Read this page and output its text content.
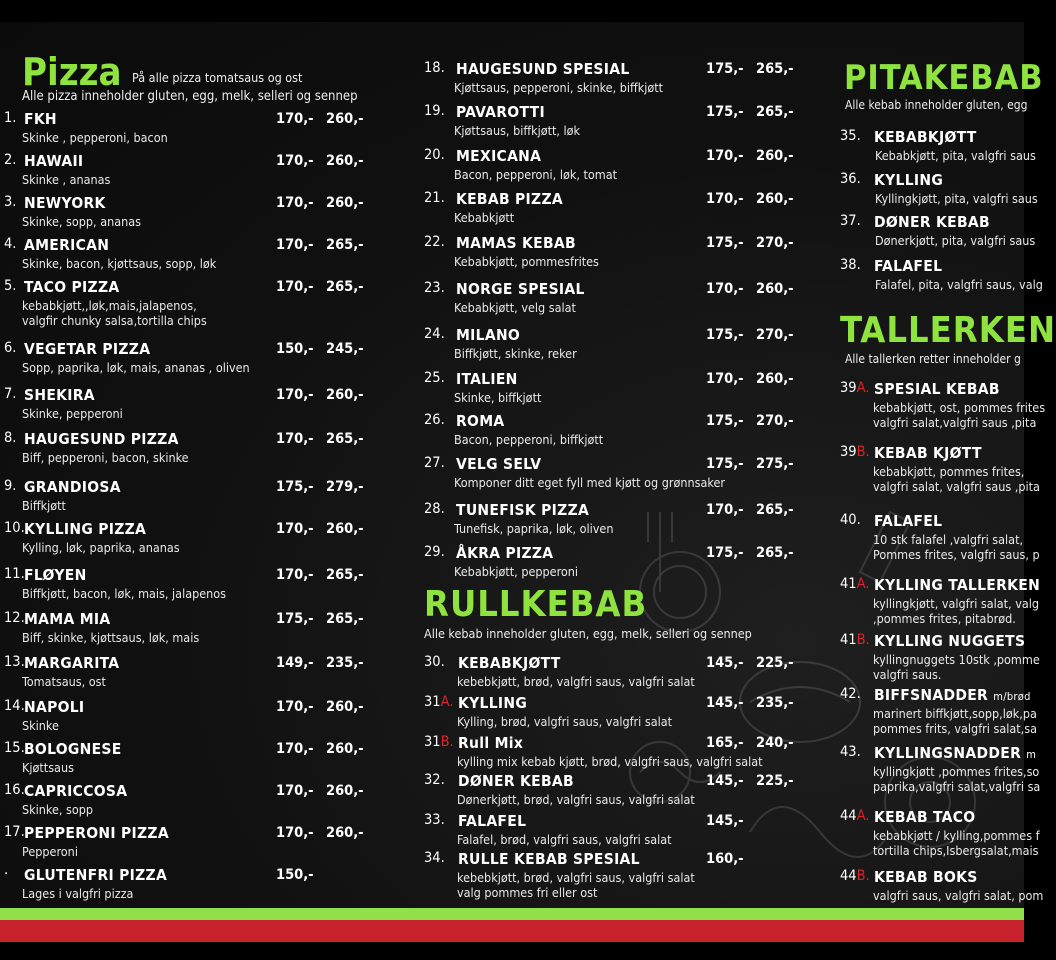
Pizza På alle pizza tomatsaus og ost
Alle pizza inneholder gluten, egg, melk, selleri og sennep
1. FKH
Skinke , pepperoni, bacon
170,- 260,-
2. HAWAII
Skinke , ananas
170,- 260,-
3. NEWYORK
Skinke, sopp, ananas
170,- 260,-
4. AMERICAN
Skinke, bacon, kjøttsaus, sopp, løk
170,- 265,-
5. TACO PIZZA
kebabkjøtt,,løk,mais,jalapenos,
valgfir chunky salsa,tortilla chips
170,- 265,-
6. VEGETAR PIZZA
Sopp, paprika, løk, mais, ananas , oliven
150,- 245,-
7. SHEKIRA
Skinke, pepperoni
170,- 260,-
8. HAUGESUND PIZZA
Biff, pepperoni, bacon, skinke
170,- 265,-
9. GRANDIOSA
Biffkjøtt
175,- 279,-
10. KYLLING PIZZA
Kylling, løk, paprika, ananas
170,- 260,-
11. FLØYEN
Biffkjøtt, bacon, løk, mais, jalapenos
170,- 265,-
12. MAMA MIA
Biff, skinke, kjøttsaus, løk, mais
175,- 265,-
13. MARGARITA
Tomatsaus, ost
149,- 235,-
14. NAPOLI
Skinke
170,- 260,-
15. BOLOGNESE
Kjøttsaus
170,- 260,-
16. CAPRICCOSA
Skinke, sopp
170,- 260,-
17. PEPPERONI PIZZA
Pepperoni
170,- 260,-
· GLUTENFRI PIZZA
Lages i valgfri pizza
150,-
18. HAUGESUND SPESIAL
Kjøttsaus, pepperoni, skinke, biffkjøtt
175,- 265,-
19. PAVAROTTI
Kjøttsaus, biffkjøtt, løk
175,- 265,-
20. MEXICANA
Bacon, pepperoni, løk, tomat
170,- 260,-
21. KEBAB PIZZA
Kebabkjøtt
170,- 260,-
22. MAMAS KEBAB
Kebabkjøtt, pommesfrites
175,- 270,-
23. NORGE SPESIAL
Kebabkjøtt, velg salat
170,- 260,-
24. MILANO
Biffkjøtt, skinke, reker
175,- 270,-
25. ITALIEN
Skinke, biffkjøtt
170,- 260,-
26. ROMA
Bacon, pepperoni, biffkjøtt
175,- 270,-
27. VELG SELV
Komponer ditt eget fyll med kjøtt og grønnsaker
175,- 275,-
28. TUNEFISK PIZZA
Tunefisk, paprika, løk, oliven
170,- 265,-
29. ÅKRA PIZZA
Kebabkjøtt, pepperoni
175,- 265,-
RULLKEBAB
Alle kebab inneholder gluten, egg, melk, selleri og sennep
30. KEBABKJØTT
kebebkjøtt, brød, valgfri saus, valgfri salat
145,- 225,-
31A. KYLLING
Kylling, brød, valgfri saus, valgfri salat
145,- 235,-
31B. Rull Mix
kylling mix kebab kjøtt, brød, valgfri saus, valgfri salat
165,- 240,-
32. DØNER KEBAB
Dønerkjøtt, brød, valgfri saus, valgfri salat
145,- 225,-
33. FALAFEL
Falafel, brød, valgfri saus, valgfri salat
145,-
34. RULLE KEBAB SPESIAL
kebebkjøtt, brød, valgfri saus, valgfri salat
valg pommes fri eller ost
160,-
PITAKEBAB
Alle kebab inneholder gluten, egg
35. KEBABKJØTT
Kebabkjøtt, pita, valgfri saus
36. KYLLING
Kyllingkjøtt, pita, valgfri saus
37. DØNER KEBAB
Dønerkjøtt, pita, valgfri saus
38. FALAFEL
Falafel, pita, valgfri saus, valg
TALLERKEN
Alle tallerken retter inneholder g
39A. SPESIAL KEBAB
kebabkjøtt, ost, pommes frites
valgfri salat,valgfri saus ,pita
39B. KEBAB KJØTT
kebabkjøtt, pommes frites,
valgfri salat, valgfri saus ,pita
40. FALAFEL
10 stk falafel ,valgfri salat,
Pommes frites, valgfri saus, p
41A. KYLLING TALLERKEN
kyllingkjøtt, valgfri salat, valg
,pommes frites, pitabrød.
41B. KYLLING NUGGETS
kyllingnuggets 10stk ,pomme
valgfri saus.
42. BIFFSNADDER m/brød
marinert biffkjøtt,sopp,løk,pa
pommes frits, valgfri salat,sa
43. KYLLINGSNADDER m
kyllingkjøtt ,pommes frites,so
paprika,valgfri salat,valgfri sa
44A. KEBAB TACO
kebabkjøtt / kylling,pommes f
tortilla chips,Isbergsalat,mais
44B. KEBAB BOKS
valgfri saus, valgfri salat, pom
